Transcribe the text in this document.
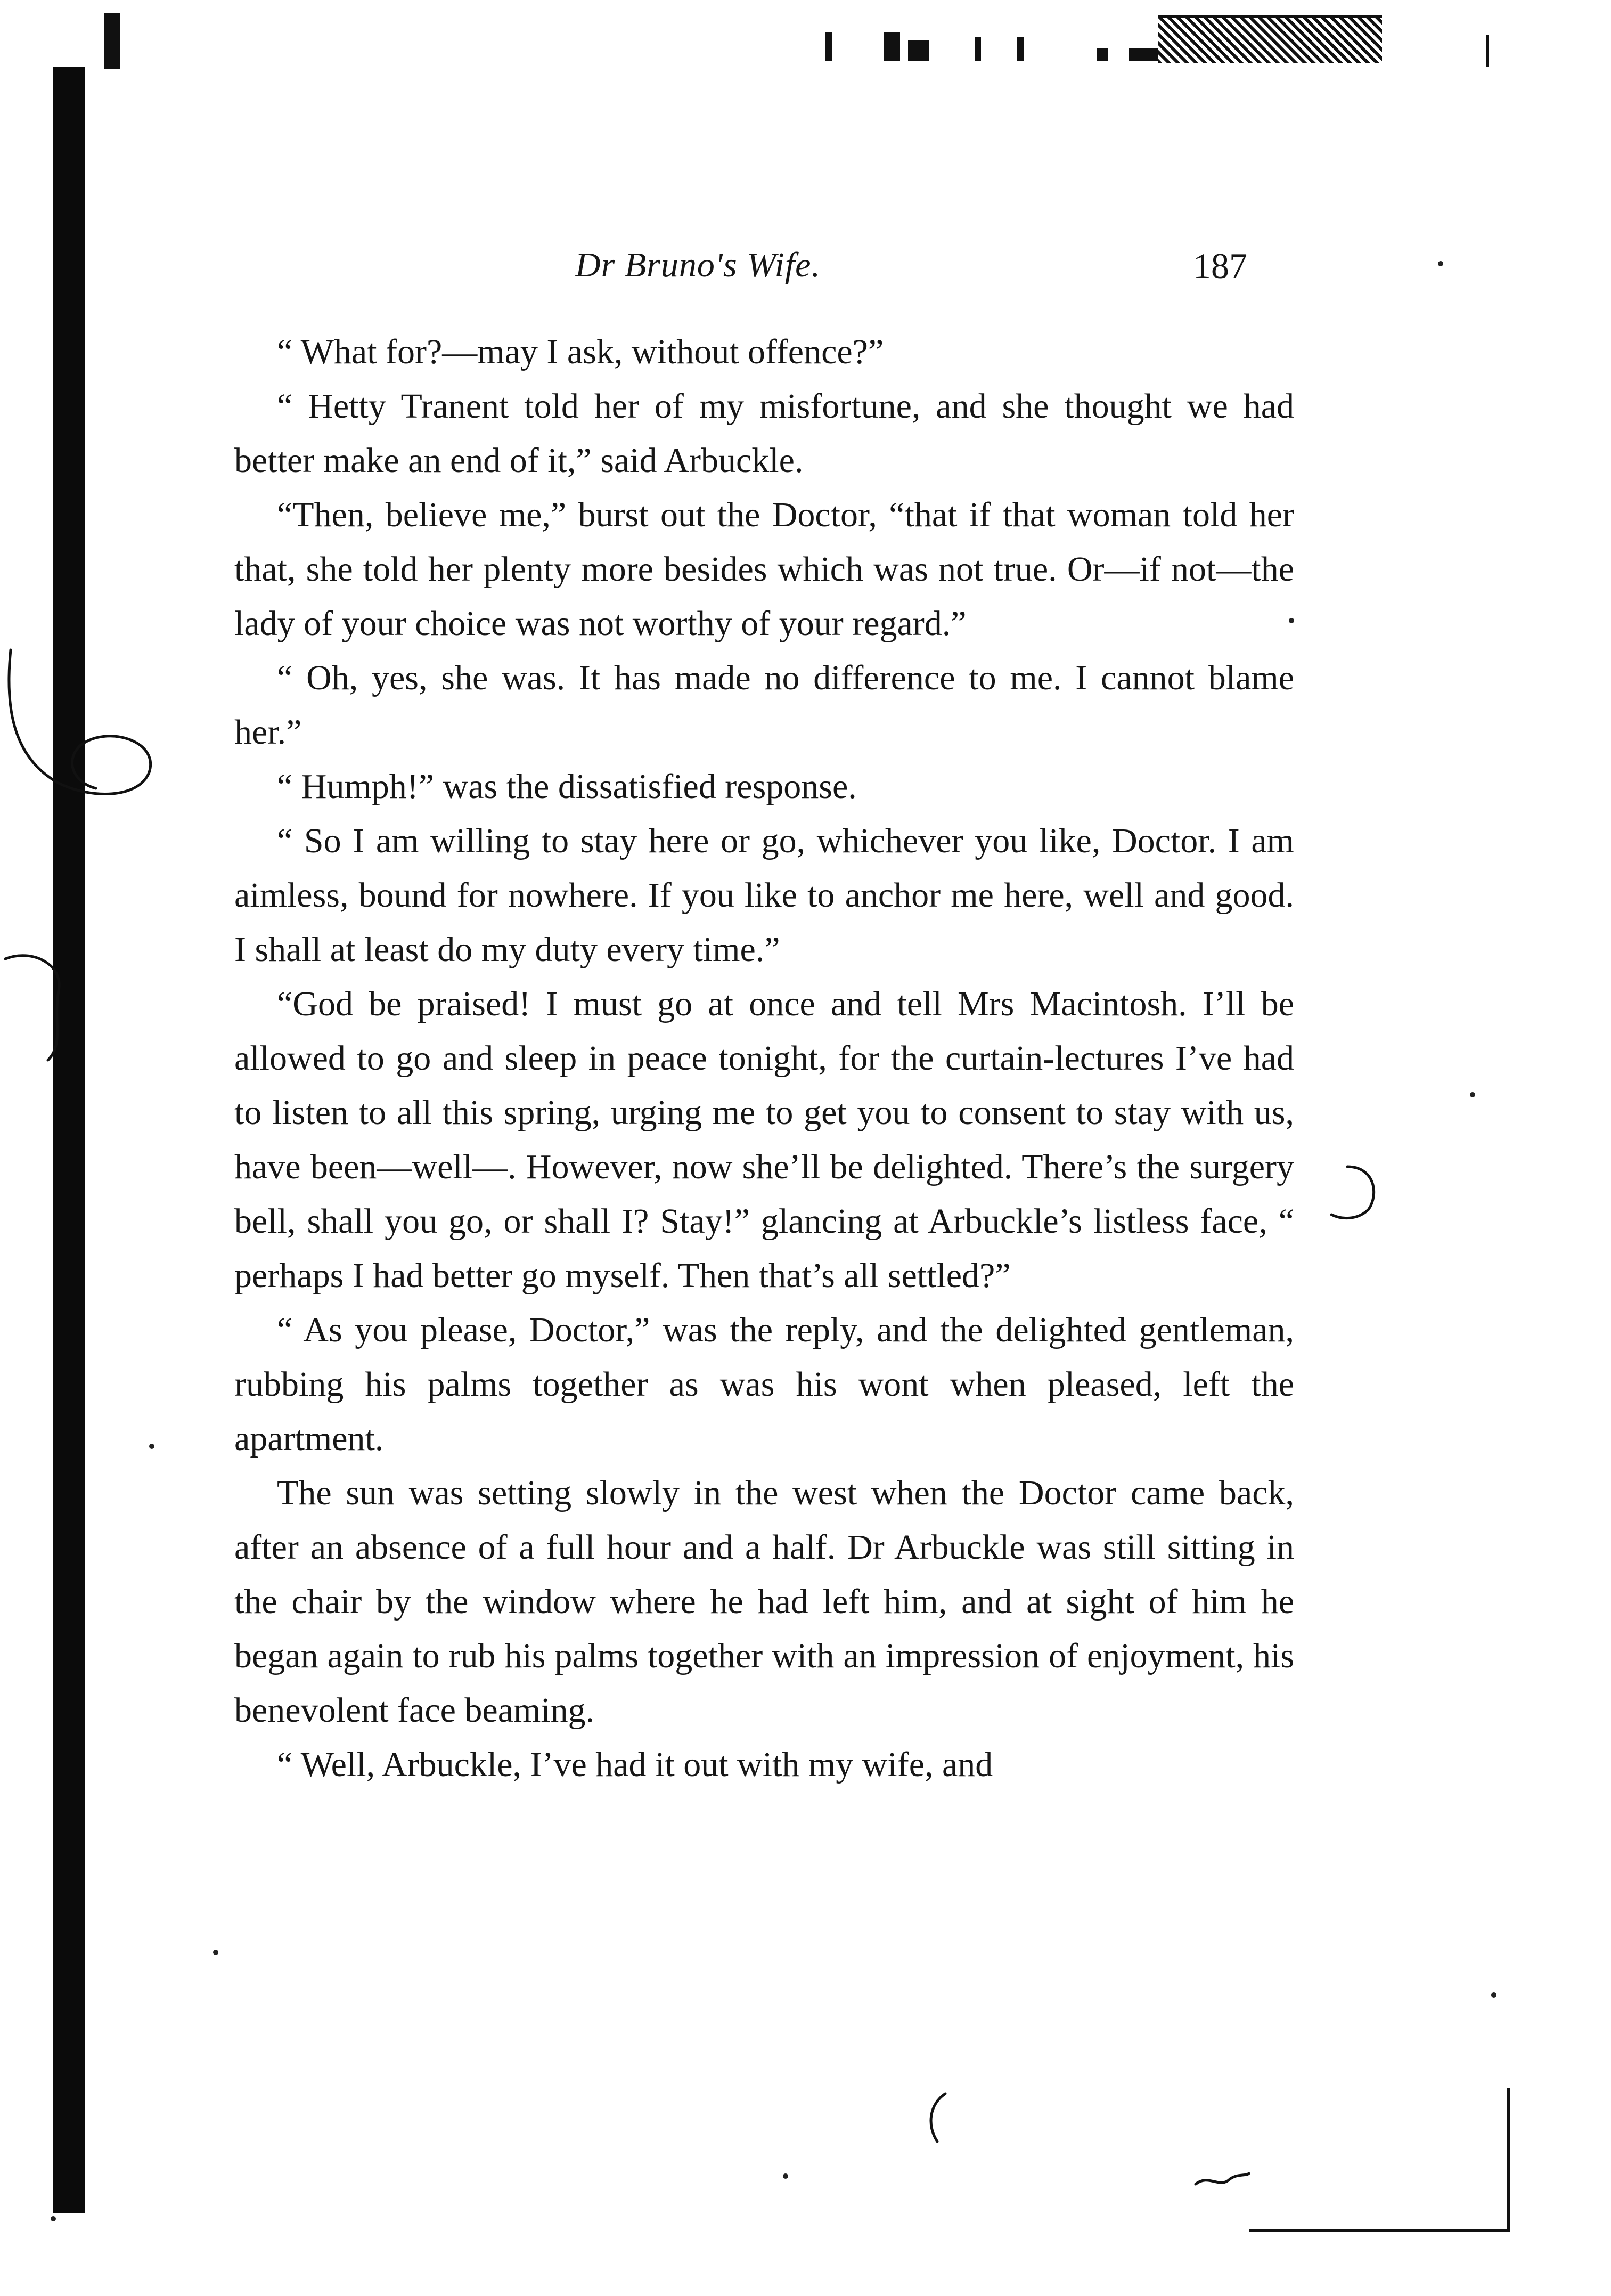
Dr Bruno's Wife.	187

“ What for?—may I ask, without offence?”

“ Hetty Tranent told her of my misfortune, and she thought we had better make an end of it,” said Arbuckle.

“Then, believe me,” burst out the Doctor, “that if that woman told her that, she told her plenty more besides which was not true. Or—if not—the lady of your choice was not worthy of your regard.”

“ Oh, yes, she was. It has made no difference to me. I cannot blame her.”

“ Humph!” was the dissatisfied response.

“ So I am willing to stay here or go, whichever you like, Doctor. I am aimless, bound for nowhere. If you like to anchor me here, well and good. I shall at least do my duty every time.”

“God be praised! I must go at once and tell Mrs Macintosh. I’ll be allowed to go and sleep in peace tonight, for the curtain-lectures I’ve had to listen to all this spring, urging me to get you to consent to stay with us, have been—well—. However, now she’ll be delighted. There’s the surgery bell, shall you go, or shall I? Stay!” glancing at Arbuckle’s listless face, “ perhaps I had better go myself. Then that’s all settled?”

“ As you please, Doctor,” was the reply, and the delighted gentleman, rubbing his palms together as was his wont when pleased, left the apartment.

The sun was setting slowly in the west when the Doctor came back, after an absence of a full hour and a half. Dr Arbuckle was still sitting in the chair by the window where he had left him, and at sight of him he began again to rub his palms together with an impression of enjoyment, his benevolent face beaming.

“ Well, Arbuckle, I’ve had it out with my wife, and
